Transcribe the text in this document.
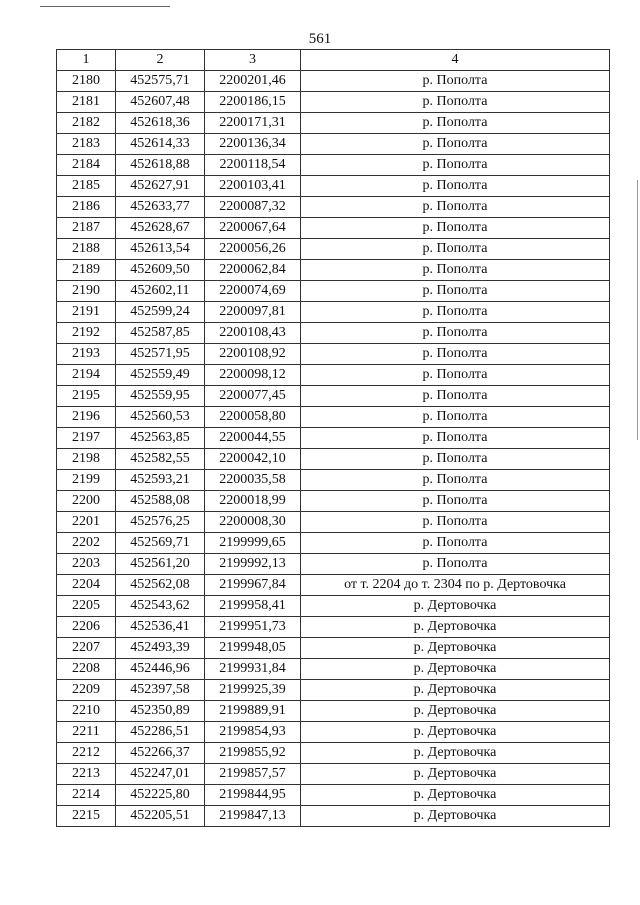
561
1	2	3	4
2180	452575,71	2200201,46	р. Пополта
2181	452607,48	2200186,15	р. Пополта
2182	452618,36	2200171,31	р. Пополта
2183	452614,33	2200136,34	р. Пополта
2184	452618,88	2200118,54	р. Пополта
2185	452627,91	2200103,41	р. Пополта
2186	452633,77	2200087,32	р. Пополта
2187	452628,67	2200067,64	р. Пополта
2188	452613,54	2200056,26	р. Пополта
2189	452609,50	2200062,84	р. Пополта
2190	452602,11	2200074,69	р. Пополта
2191	452599,24	2200097,81	р. Пополта
2192	452587,85	2200108,43	р. Пополта
2193	452571,95	2200108,92	р. Пополта
2194	452559,49	2200098,12	р. Пополта
2195	452559,95	2200077,45	р. Пополта
2196	452560,53	2200058,80	р. Пополта
2197	452563,85	2200044,55	р. Пополта
2198	452582,55	2200042,10	р. Пополта
2199	452593,21	2200035,58	р. Пополта
2200	452588,08	2200018,99	р. Пополта
2201	452576,25	2200008,30	р. Пополта
2202	452569,71	2199999,65	р. Пополта
2203	452561,20	2199992,13	р. Пополта
2204	452562,08	2199967,84	от т. 2204 до т. 2304 по р. Дертовочка
2205	452543,62	2199958,41	р. Дертовочка
2206	452536,41	2199951,73	р. Дертовочка
2207	452493,39	2199948,05	р. Дертовочка
2208	452446,96	2199931,84	р. Дертовочка
2209	452397,58	2199925,39	р. Дертовочка
2210	452350,89	2199889,91	р. Дертовочка
2211	452286,51	2199854,93	р. Дертовочка
2212	452266,37	2199855,92	р. Дертовочка
2213	452247,01	2199857,57	р. Дертовочка
2214	452225,80	2199844,95	р. Дертовочка
2215	452205,51	2199847,13	р. Дертовочка
